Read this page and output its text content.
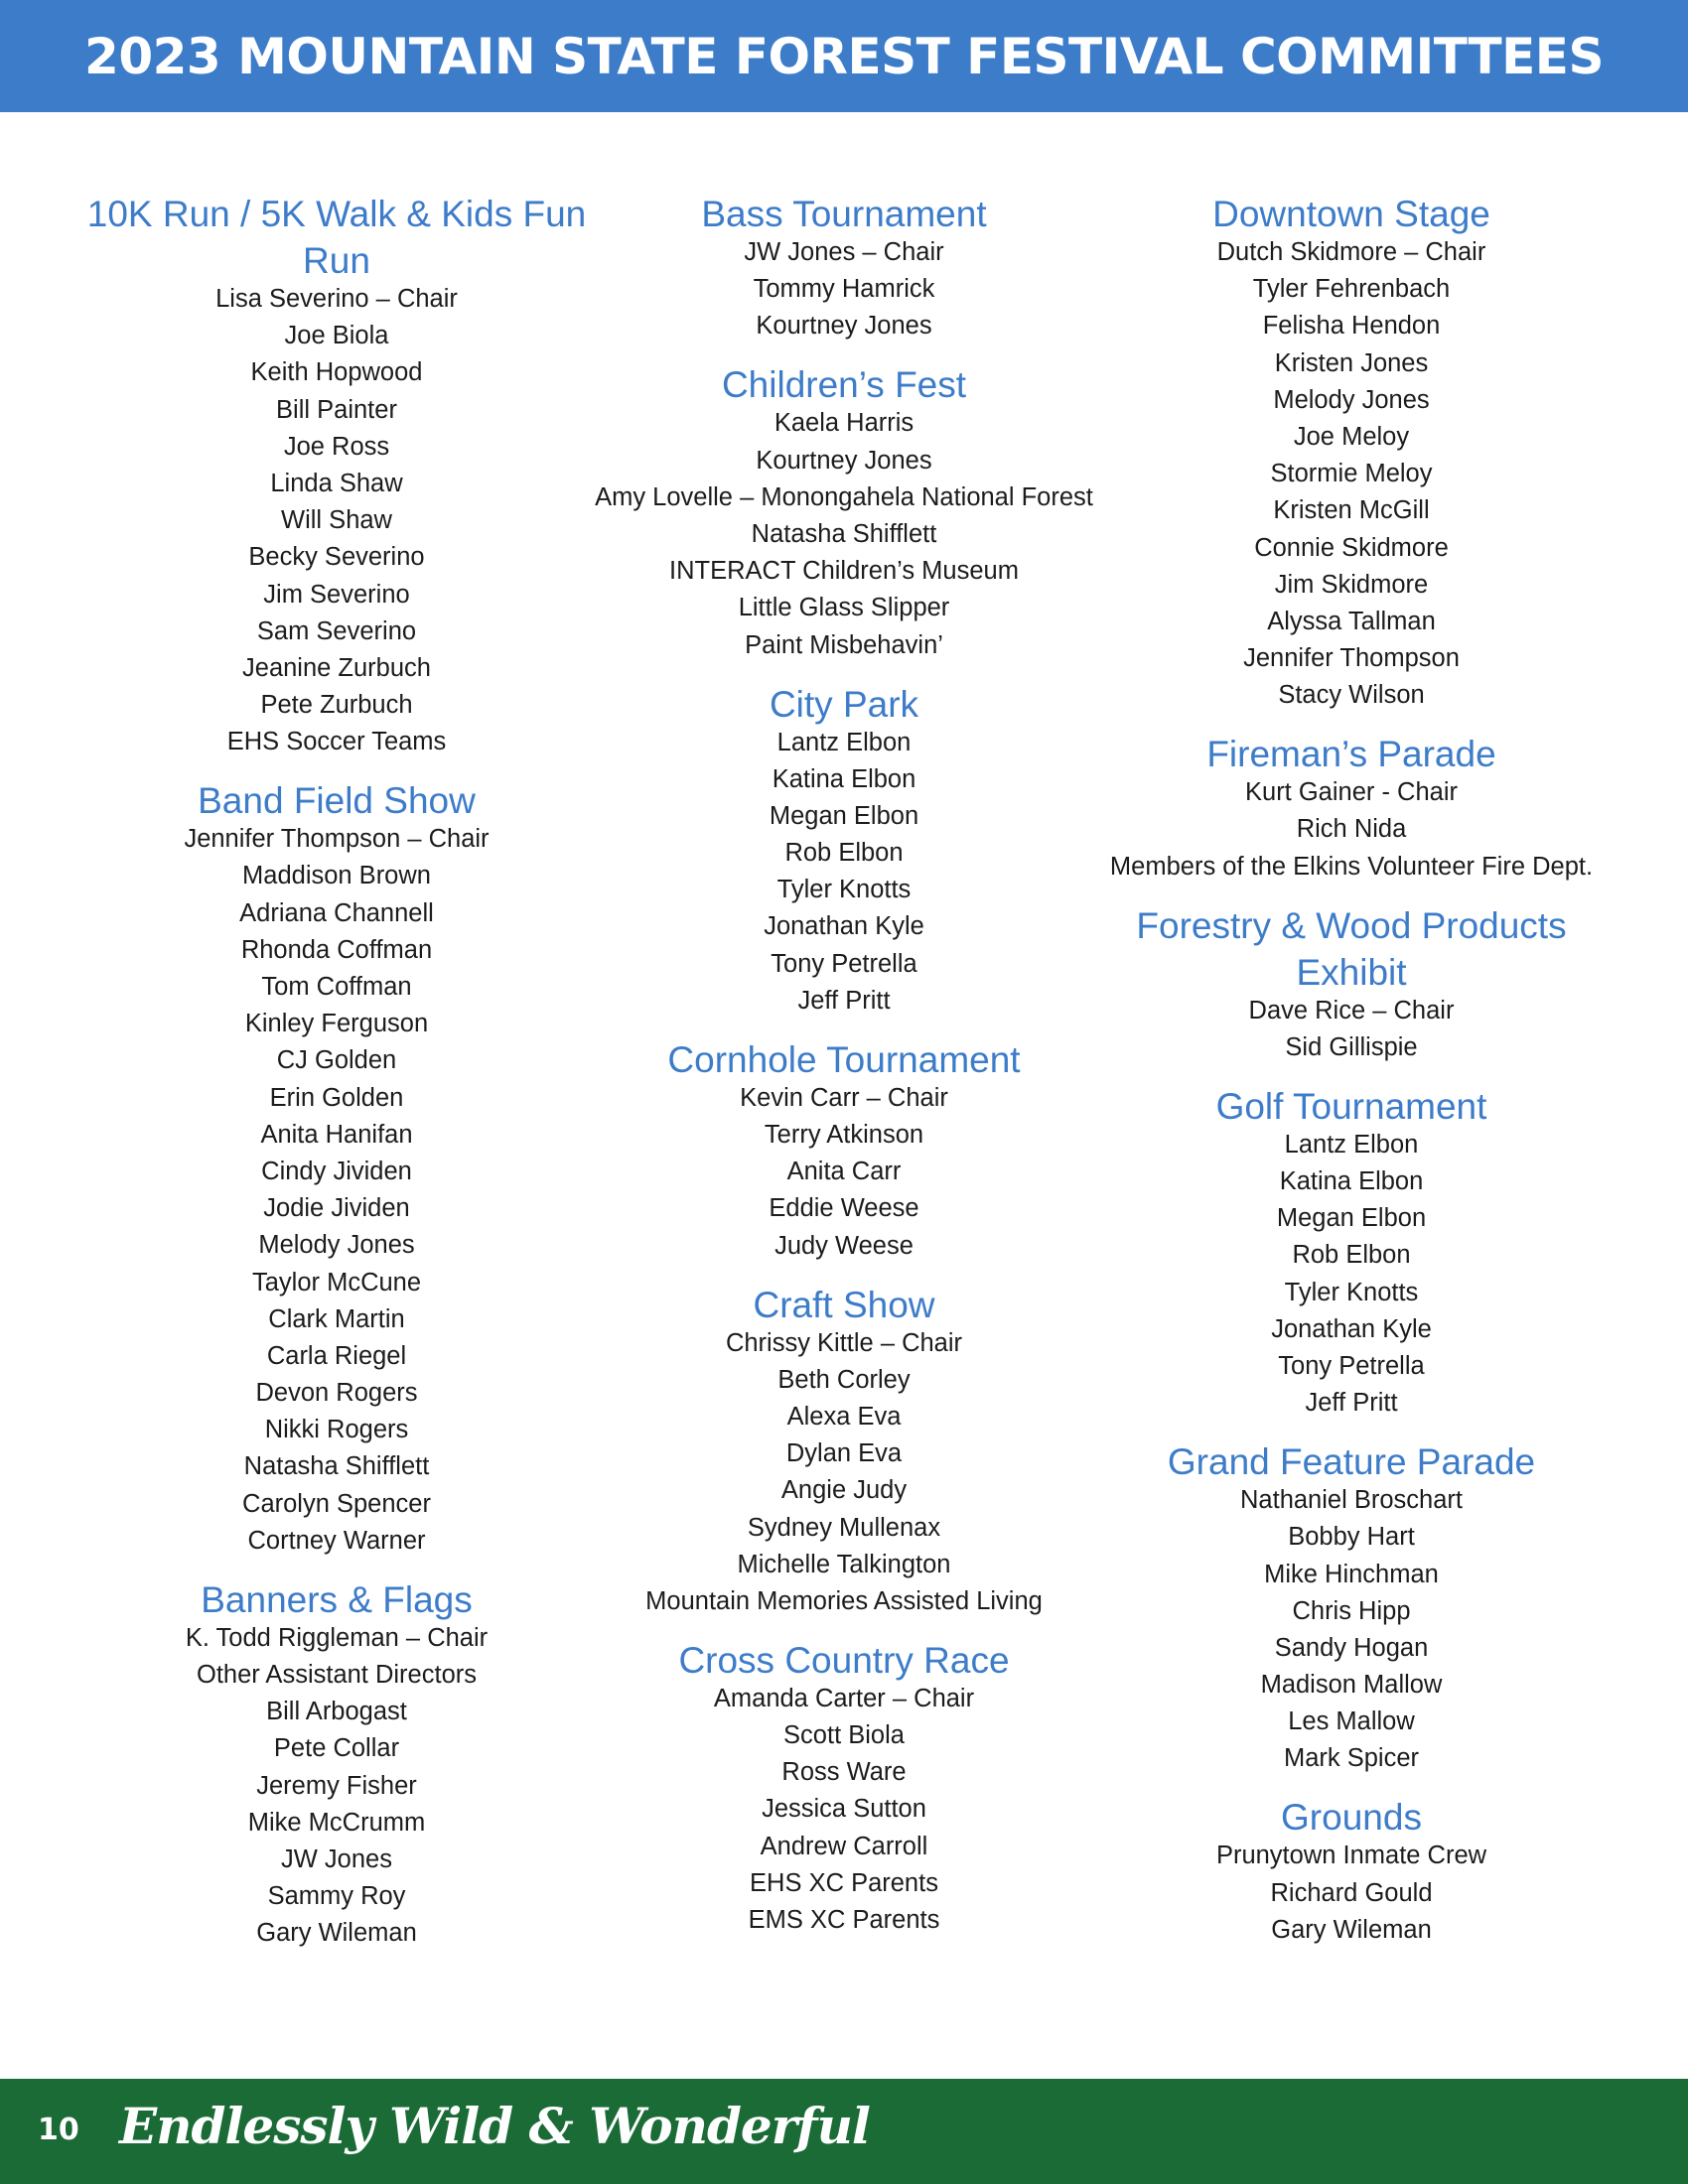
2023 MOUNTAIN STATE FOREST FESTIVAL COMMITTEES
10K Run / 5K Walk & Kids Fun Run
Lisa Severino – Chair
Joe Biola
Keith Hopwood
Bill Painter
Joe Ross
Linda Shaw
Will Shaw
Becky Severino
Jim Severino
Sam Severino
Jeanine Zurbuch
Pete Zurbuch
EHS Soccer Teams
Band Field Show
Jennifer Thompson – Chair
Maddison Brown
Adriana Channell
Rhonda Coffman
Tom Coffman
Kinley Ferguson
CJ Golden
Erin Golden
Anita Hanifan
Cindy Jividen
Jodie Jividen
Melody Jones
Taylor McCune
Clark Martin
Carla Riegel
Devon Rogers
Nikki Rogers
Natasha Shifflett
Carolyn Spencer
Cortney Warner
Banners & Flags
K. Todd Riggleman – Chair
Other Assistant Directors
Bill Arbogast
Pete Collar
Jeremy Fisher
Mike McCrumm
JW Jones
Sammy Roy
Gary Wileman
Bass Tournament
JW Jones – Chair
Tommy Hamrick
Kourtney Jones
Children’s Fest
Kaela Harris
Kourtney Jones
Amy Lovelle – Monongahela National Forest
Natasha Shifflett
INTERACT Children’s Museum
Little Glass Slipper
Paint Misbehavin’
City Park
Lantz Elbon
Katina Elbon
Megan Elbon
Rob Elbon
Tyler Knotts
Jonathan Kyle
Tony Petrella
Jeff Pritt
Cornhole Tournament
Kevin Carr – Chair
Terry Atkinson
Anita Carr
Eddie Weese
Judy Weese
Craft Show
Chrissy Kittle – Chair
Beth Corley
Alexa Eva
Dylan Eva
Angie Judy
Sydney Mullenax
Michelle Talkington
Mountain Memories Assisted Living
Cross Country Race
Amanda Carter – Chair
Scott Biola
Ross Ware
Jessica Sutton
Andrew Carroll
EHS XC Parents
EMS XC Parents
Downtown Stage
Dutch Skidmore – Chair
Tyler Fehrenbach
Felisha Hendon
Kristen Jones
Melody Jones
Joe Meloy
Stormie Meloy
Kristen McGill
Connie Skidmore
Jim Skidmore
Alyssa Tallman
Jennifer Thompson
Stacy Wilson
Fireman’s Parade
Kurt Gainer - Chair
Rich Nida
Members of the Elkins Volunteer Fire Dept.
Forestry & Wood Products Exhibit
Dave Rice – Chair
Sid Gillispie
Golf Tournament
Lantz Elbon
Katina Elbon
Megan Elbon
Rob Elbon
Tyler Knotts
Jonathan Kyle
Tony Petrella
Jeff Pritt
Grand Feature Parade
Nathaniel Broschart
Bobby Hart
Mike Hinchman
Chris Hipp
Sandy Hogan
Madison Mallow
Les Mallow
Mark Spicer
Grounds
Prunytown Inmate Crew
Richard Gould
Gary Wileman
10 Endlessly Wild & Wonderful
